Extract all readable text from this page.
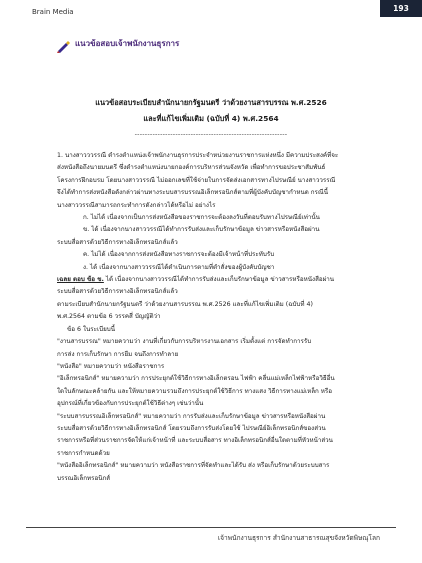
Brain Media	193
แนวข้อสอบเจ้าพนักงานธุรการ
แนวข้อสอบระเบียบสำนักนายกรัฐมนตรี ว่าด้วยงานสารบรรณ พ.ศ.2526
และที่แก้ไขเพิ่มเติม (ฉบับที่ 4) พ.ศ.2564
------------------------------------------------------------

1. นางสาวววรรณี ดำรงตำแหน่งเจ้าพนักงานธุรการประจำหน่วยงานราชการแห่งหนึ่ง มีความประสงค์ที่จะ

ส่งหนังสือถึงนายมนตรี ซึ่งดำรงตำแหน่งนายกองค์การบริหารส่วนจังหวัด เพื่อทำการขอประชาสัมพันธ์

โครงการฝึกอบรม โดยนางสาววรรณี ไม่ออกเลขที่ใช้จ่ายในการจัดส่งเอกสารทางไปรษณีย์ นางสาววรรณี

จึงได้ทำการส่งหนังสือดังกล่าวผ่านทางระบบสารบรรณอิเล็กทรอนิกส์ตามที่ผู้บังคับบัญชากำหนด กรณีนี้

นางสาววรรณีสามารถกระทำการดังกล่าวได้หรือไม่ อย่างไร

ก. ไม่ได้ เนื่องจากเป็นการส่งหนังสือของราชการจะต้องลงวันที่ตอบรับทางไปรษณีย์เท่านั้น

ข. ได้ เนื่องจากนางสาววรรณีได้ทำการรับส่งและเก็บรักษาข้อมูล ข่าวสารหรือหนังสือผ่าน

ระบบสื่อสารด้วยวิธีการทางอิเล็กทรอนิกส์แล้ว

ค. ไม่ได้ เนื่องจากการส่งหนังสือทางราชการจะต้องมีเจ้าหน้าที่ประทับรับ

ง. ได้ เนื่องจากนางสาววรรณีได้ดำเนินการตามที่ตำสั่งของผู้บังคับบัญชา

เฉลย ตอบ ข้อ ข. ได้ เนื่องจากนางสาววรรณีได้ทำการรับส่งและเก็บรักษาข้อมูล ข่าวสารหรือหนังสือผ่าน

ระบบสื่อสารด้วยวิธีการทางอิเล็กทรอนิกส์แล้ว

ตามระเบียบสำนักนายกรัฐมนตรี ว่าด้วยงานสารบรรณ พ.ศ.2526 และที่แก้ไขเพิ่มเติม (ฉบับที่ 4)

พ.ศ.2564 ตามข้อ 6 วรรคสี่ บัญญัติว่า

ข้อ 6 ในระเบียบนี้

"งานสารบรรณ" หมายความว่า งานที่เกี่ยวกับการบริหารงานเอกสาร เริ่มตั้งแต่ การจัดทำการรับ

การส่ง การเก็บรักษา การยืม จนถึงการทำลาย

"หนังสือ" หมายความว่า หนังสือราชการ

"อิเล็กทรอนิกส์" หมายความว่า การประยุกต์ใช้วิธีการทางอิเล็กตรอน ไฟฟ้า คลื่นแม่เหล็กไฟฟ้าหรือวิธีอื่น

ใดในลักษณะคล้ายกัน และให้หมายความรวมถึงการประยุกต์ใช้วิธีการ ทางแสง วิธีการทางแม่เหล็ก หรือ

อุปกรณ์ที่เกี่ยวข้องกับการประยุกต์ใช้วิธีต่างๆ เช่นว่านั้น

"ระบบสารบรรณอิเล็กทรอนิกส์" หมายความว่า การรับส่งและเก็บรักษาข้อมูล ข่าวสารหรือหนังสือผ่าน

ระบบสื่อสารด้วยวิธีการทางอิเล็กทรอนิกส์ โดยรวมถึงการรับส่งโดยใช้ ไปรษณีย์อิเล็กทรอนิกส์ของส่วน

ราชการหรือที่ส่วนราชการจัดให้แก่เจ้าหน้าที่ และระบบสื่อสาร ทางอิเล็กทรอนิกส์อื่นใดตามที่หัวหน้าส่วน

ราชการกำหนดด้วย

"หนังสืออิเล็กทรอนิกส์" หมายความว่า หนังสือราชการที่จัดทำและได้รับ ส่ง หรือเก็บรักษาด้วยระบบสาร

บรรณอิเล็กทรอนิกส์

เจ้าพนักงานธุรการ สำนักงานสาธารณสุขจังหวัดพิษณุโลก
